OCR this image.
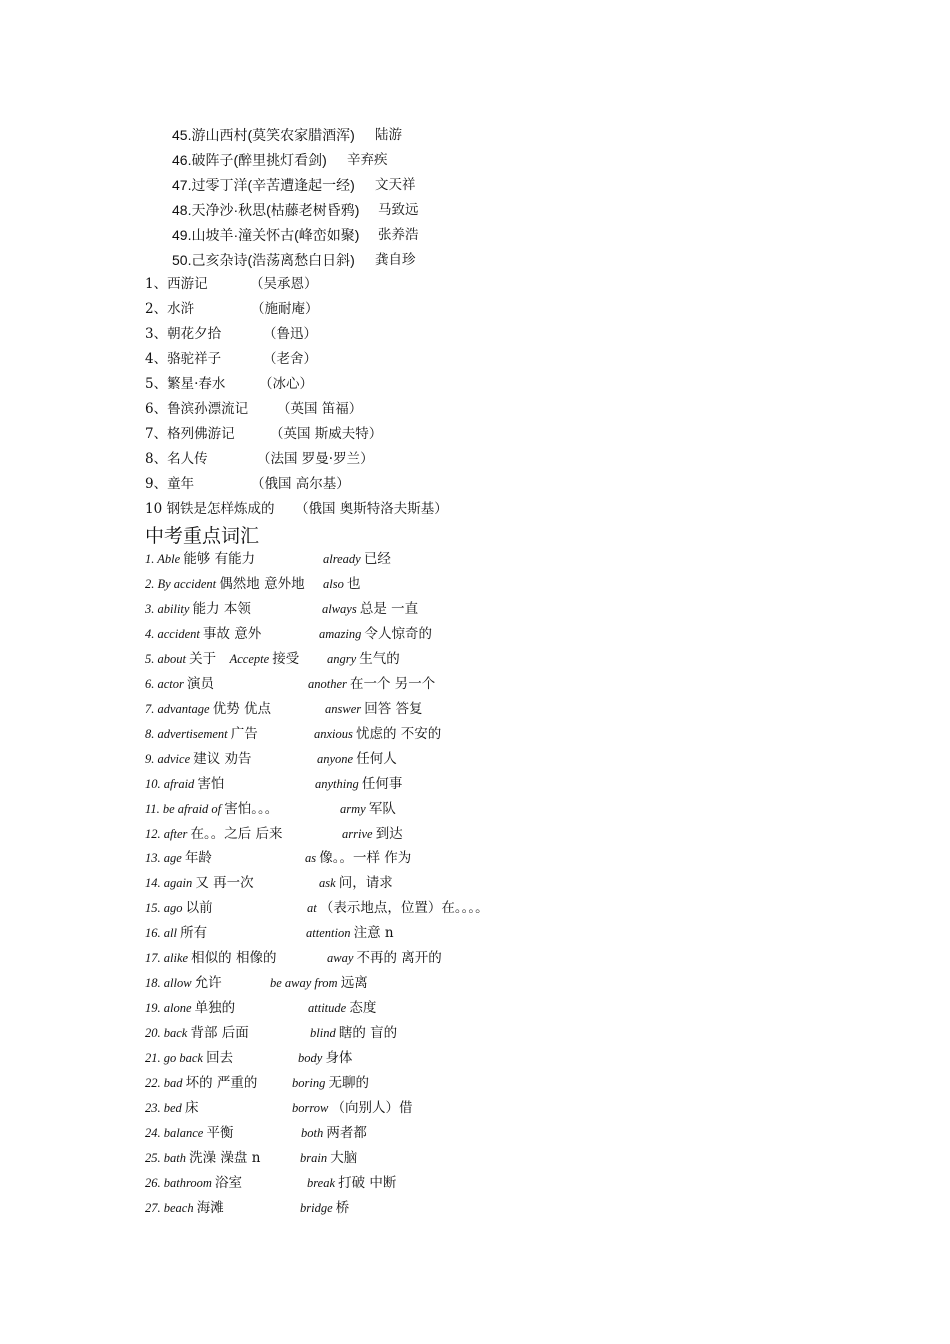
45.游山西村(莫笑农家腊酒浑) 陆游
46.破阵子(醉里挑灯看剑) 辛弃疾
47.过零丁洋(辛苦遭逢起一经) 文天祥
48.天净沙·秋思(枯藤老树昏鸦) 马致远
49.山坡羊·潼关怀古(峰峦如聚) 张养浩
50.己亥杂诗(浩荡离愁白日斜) 龚自珍
1、西游记	（吴承恩）
2、水浒	（施耐庵）
3、朝花夕拾	（鲁迅）
4、骆驼祥子	（老舍）
5、繁星·春水 （冰心）
6、鲁滨孙漂流记 （英国 笛福）
7、格列佛游记	（英国 斯威夫特）
8、名人传	（法国 罗曼·罗兰）
9、童年	（俄国 高尔基）
10 钢铁是怎样炼成的 （俄国 奥斯特洛夫斯基）
中考重点词汇
1. Able 能够 有能力	already 已经
2. By accident 偶然地 意外地 also 也
3. ability 能力 本领	always 总是 一直
4. accident 事故 意外	amazing 令人惊奇的
5. about 关于  Accepte 接受 angry 生气的
6. actor 演员	another 在一个 另一个
7. advantage 优势 优点	answer 回答 答复
8. advertisement 广告	anxious 忧虑的 不安的
9. advice 建议 劝告	anyone 任何人
10. afraid 害怕	anything 任何事
11. be afraid of 害怕。。。	army 军队
12. after 在。。之后 后来	arrive 到达
13. age 年龄	as 像。。一样 作为
14. again 又 再一次	ask 问，请求
15. ago 以前	at （表示地点，位置）在。。。。
16. all 所有	attention 注意 n
17. alike 相似的 相像的	away 不再的 离开的
18. allow 允许	be away from 远离
19. alone 单独的	attitude 态度
20. back 背部 后面	blind 瞎的 盲的
21. go back 回去	body 身体
22. bad 坏的 严重的	boring 无聊的
23. bed 床	borrow （向别人）借
24. balance 平衡	both 两者都
25. bath 洗澡 澡盘 n	brain 大脑
26. bathroom 浴室	break 打破 中断
27. beach 海滩	bridge 桥
